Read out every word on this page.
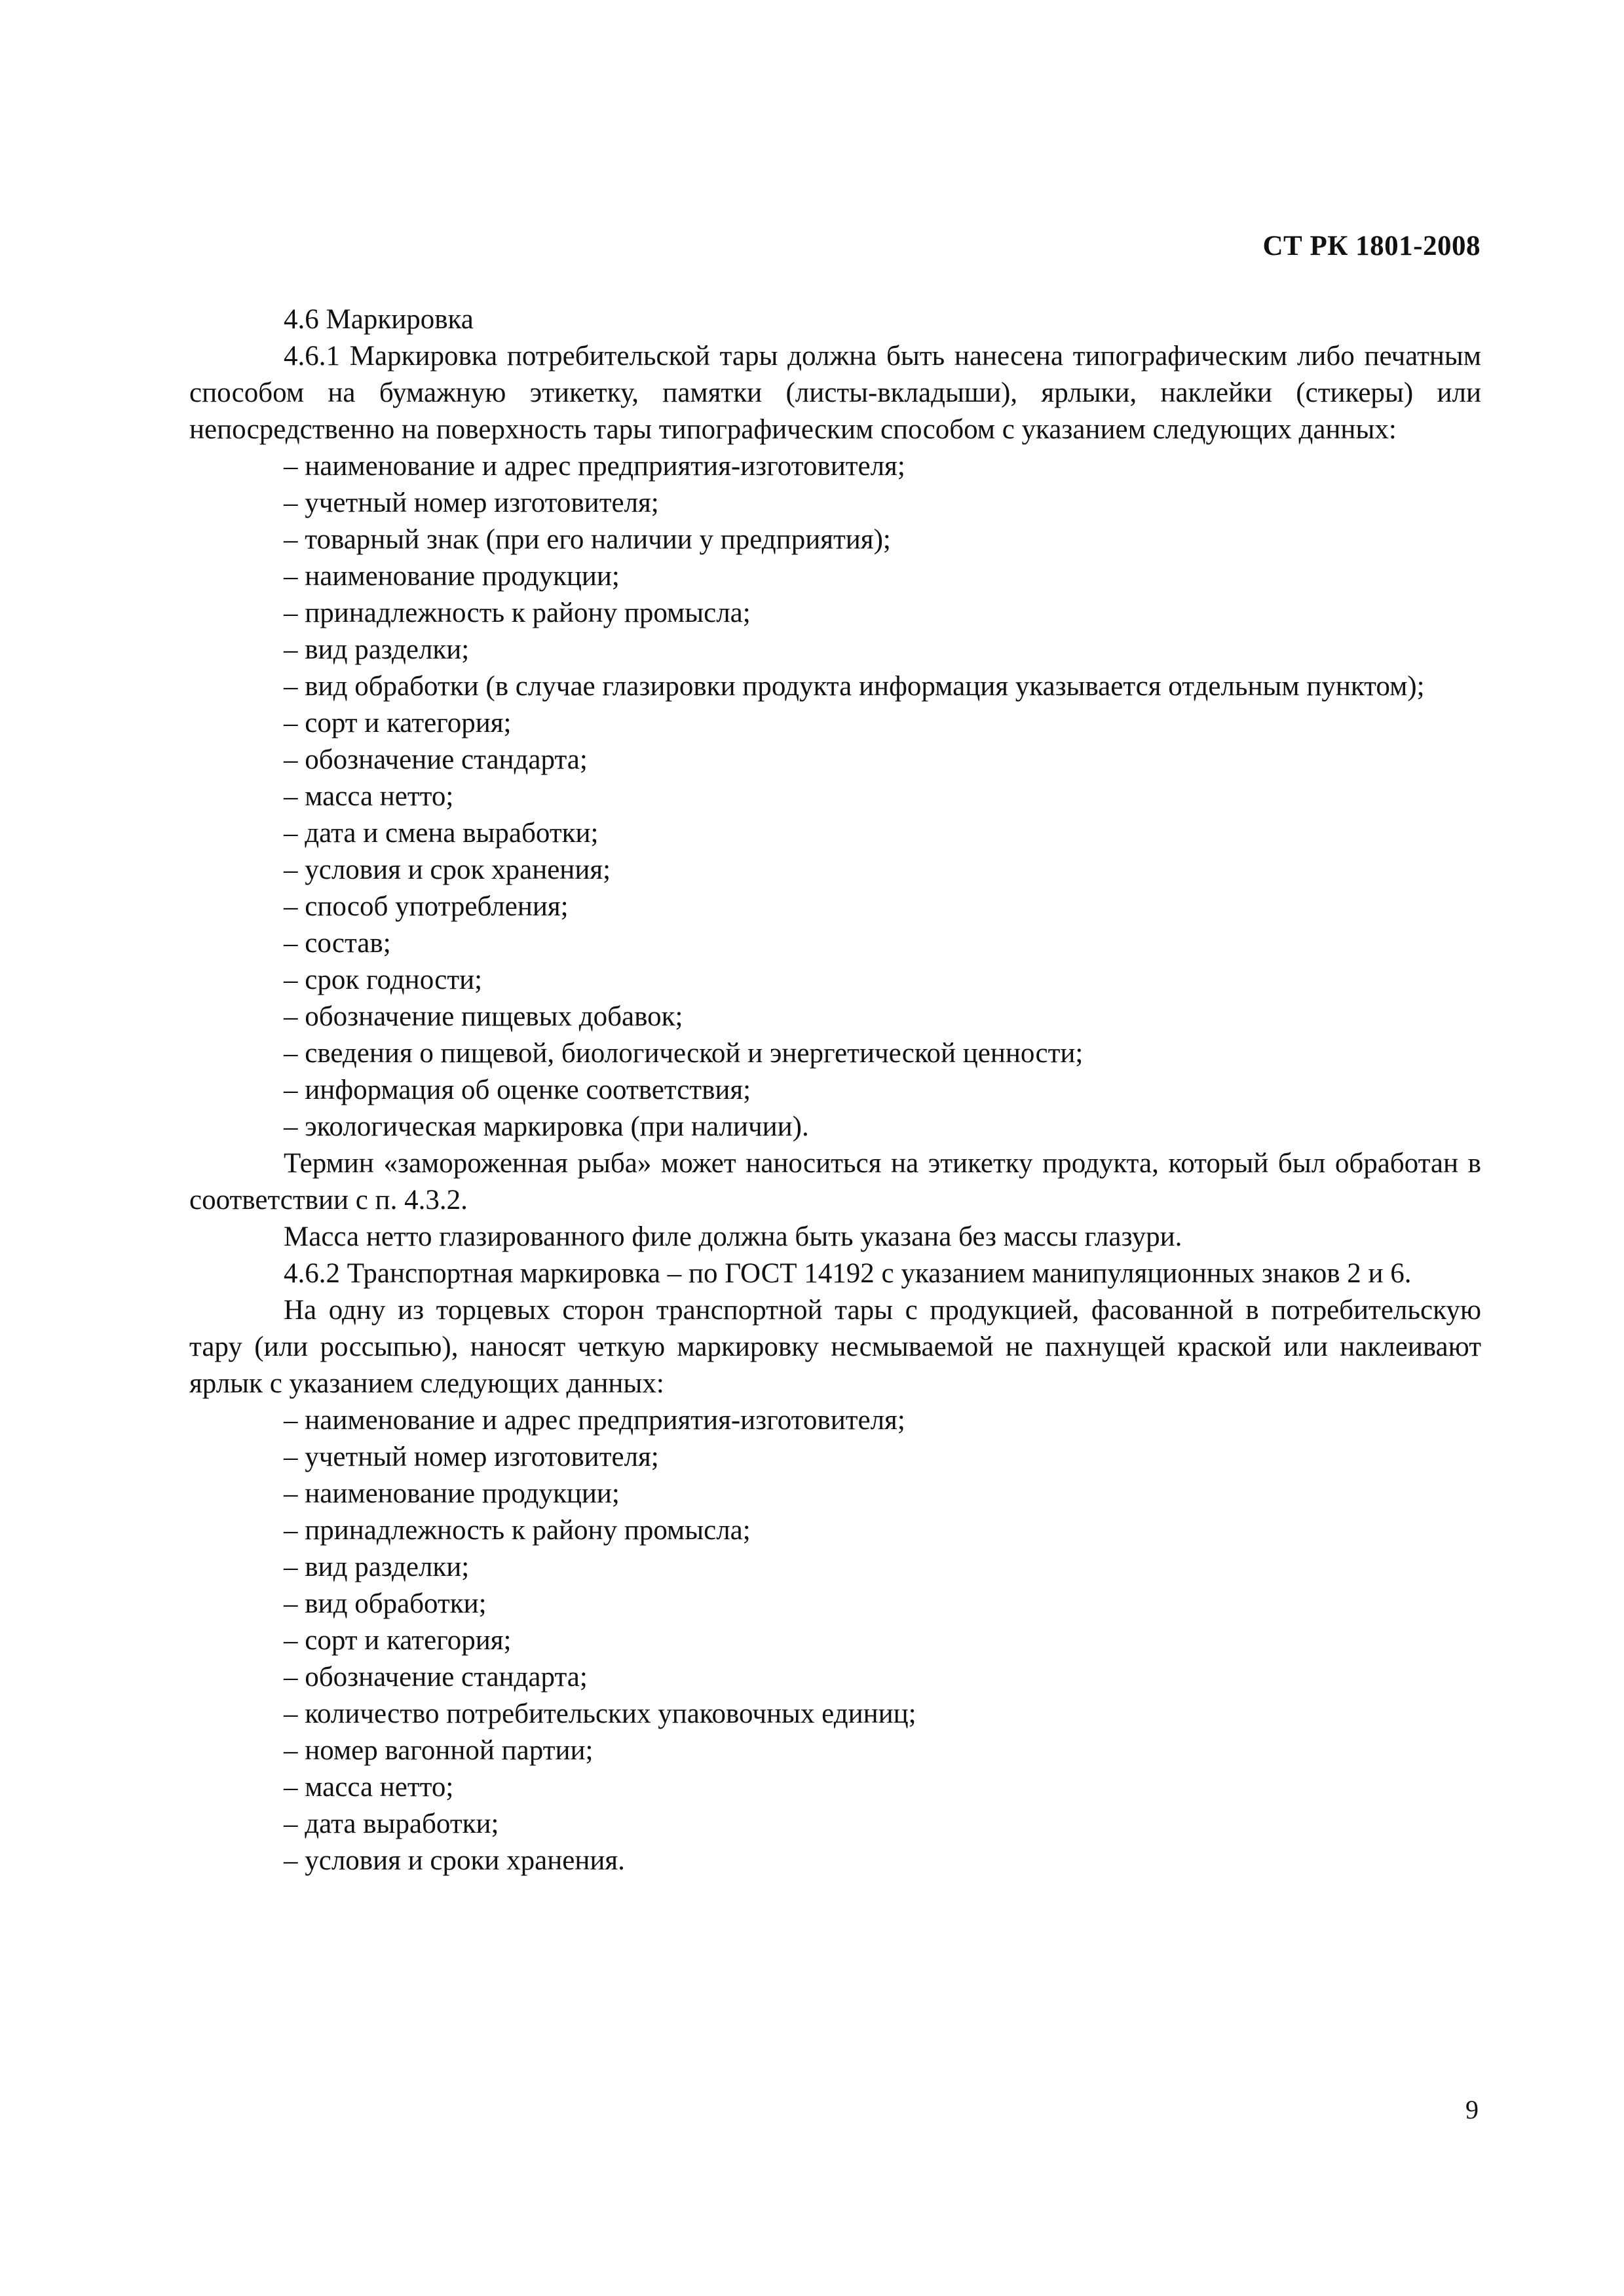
СТ РК 1801-2008

4.6 Маркировка

4.6.1 Маркировка потребительской тары должна быть нанесена типографическим либо печатным способом на бумажную этикетку, памятки (листы-вкладыши), ярлыки, наклейки (стикеры) или непосредственно на поверхность тары типографическим способом с указанием следующих данных:

– наименование и адрес предприятия-изготовителя;
– учетный номер изготовителя;
– товарный знак (при его наличии у предприятия);
– наименование продукции;
– принадлежность к району промысла;
– вид разделки;
– вид обработки (в случае глазировки продукта информация указывается отдельным пунктом);
– сорт и категория;
– обозначение стандарта;
– масса нетто;
– дата и смена выработки;
– условия и срок хранения;
– способ употребления;
– состав;
– срок годности;
– обозначение пищевых добавок;
– сведения о пищевой, биологической и энергетической ценности;
– информация об оценке соответствия;
– экологическая маркировка (при наличии).

Термин «замороженная рыба» может наноситься на этикетку продукта, который был обработан в соответствии с п. 4.3.2.

Масса нетто глазированного филе должна быть указана без массы глазури.

4.6.2 Транспортная маркировка – по ГОСТ 14192 с указанием манипуляционных знаков 2 и 6.

На одну из торцевых сторон транспортной тары с продукцией, фасованной в потребительскую тару (или россыпью), наносят четкую маркировку несмываемой не пахнущей краской или наклеивают ярлык с указанием следующих данных:

– наименование и адрес предприятия-изготовителя;
– учетный номер изготовителя;
– наименование продукции;
– принадлежность к району промысла;
– вид разделки;
– вид обработки;
– сорт и категория;
– обозначение стандарта;
– количество потребительских упаковочных единиц;
– номер вагонной партии;
– масса нетто;
– дата выработки;
– условия и сроки хранения.
9
